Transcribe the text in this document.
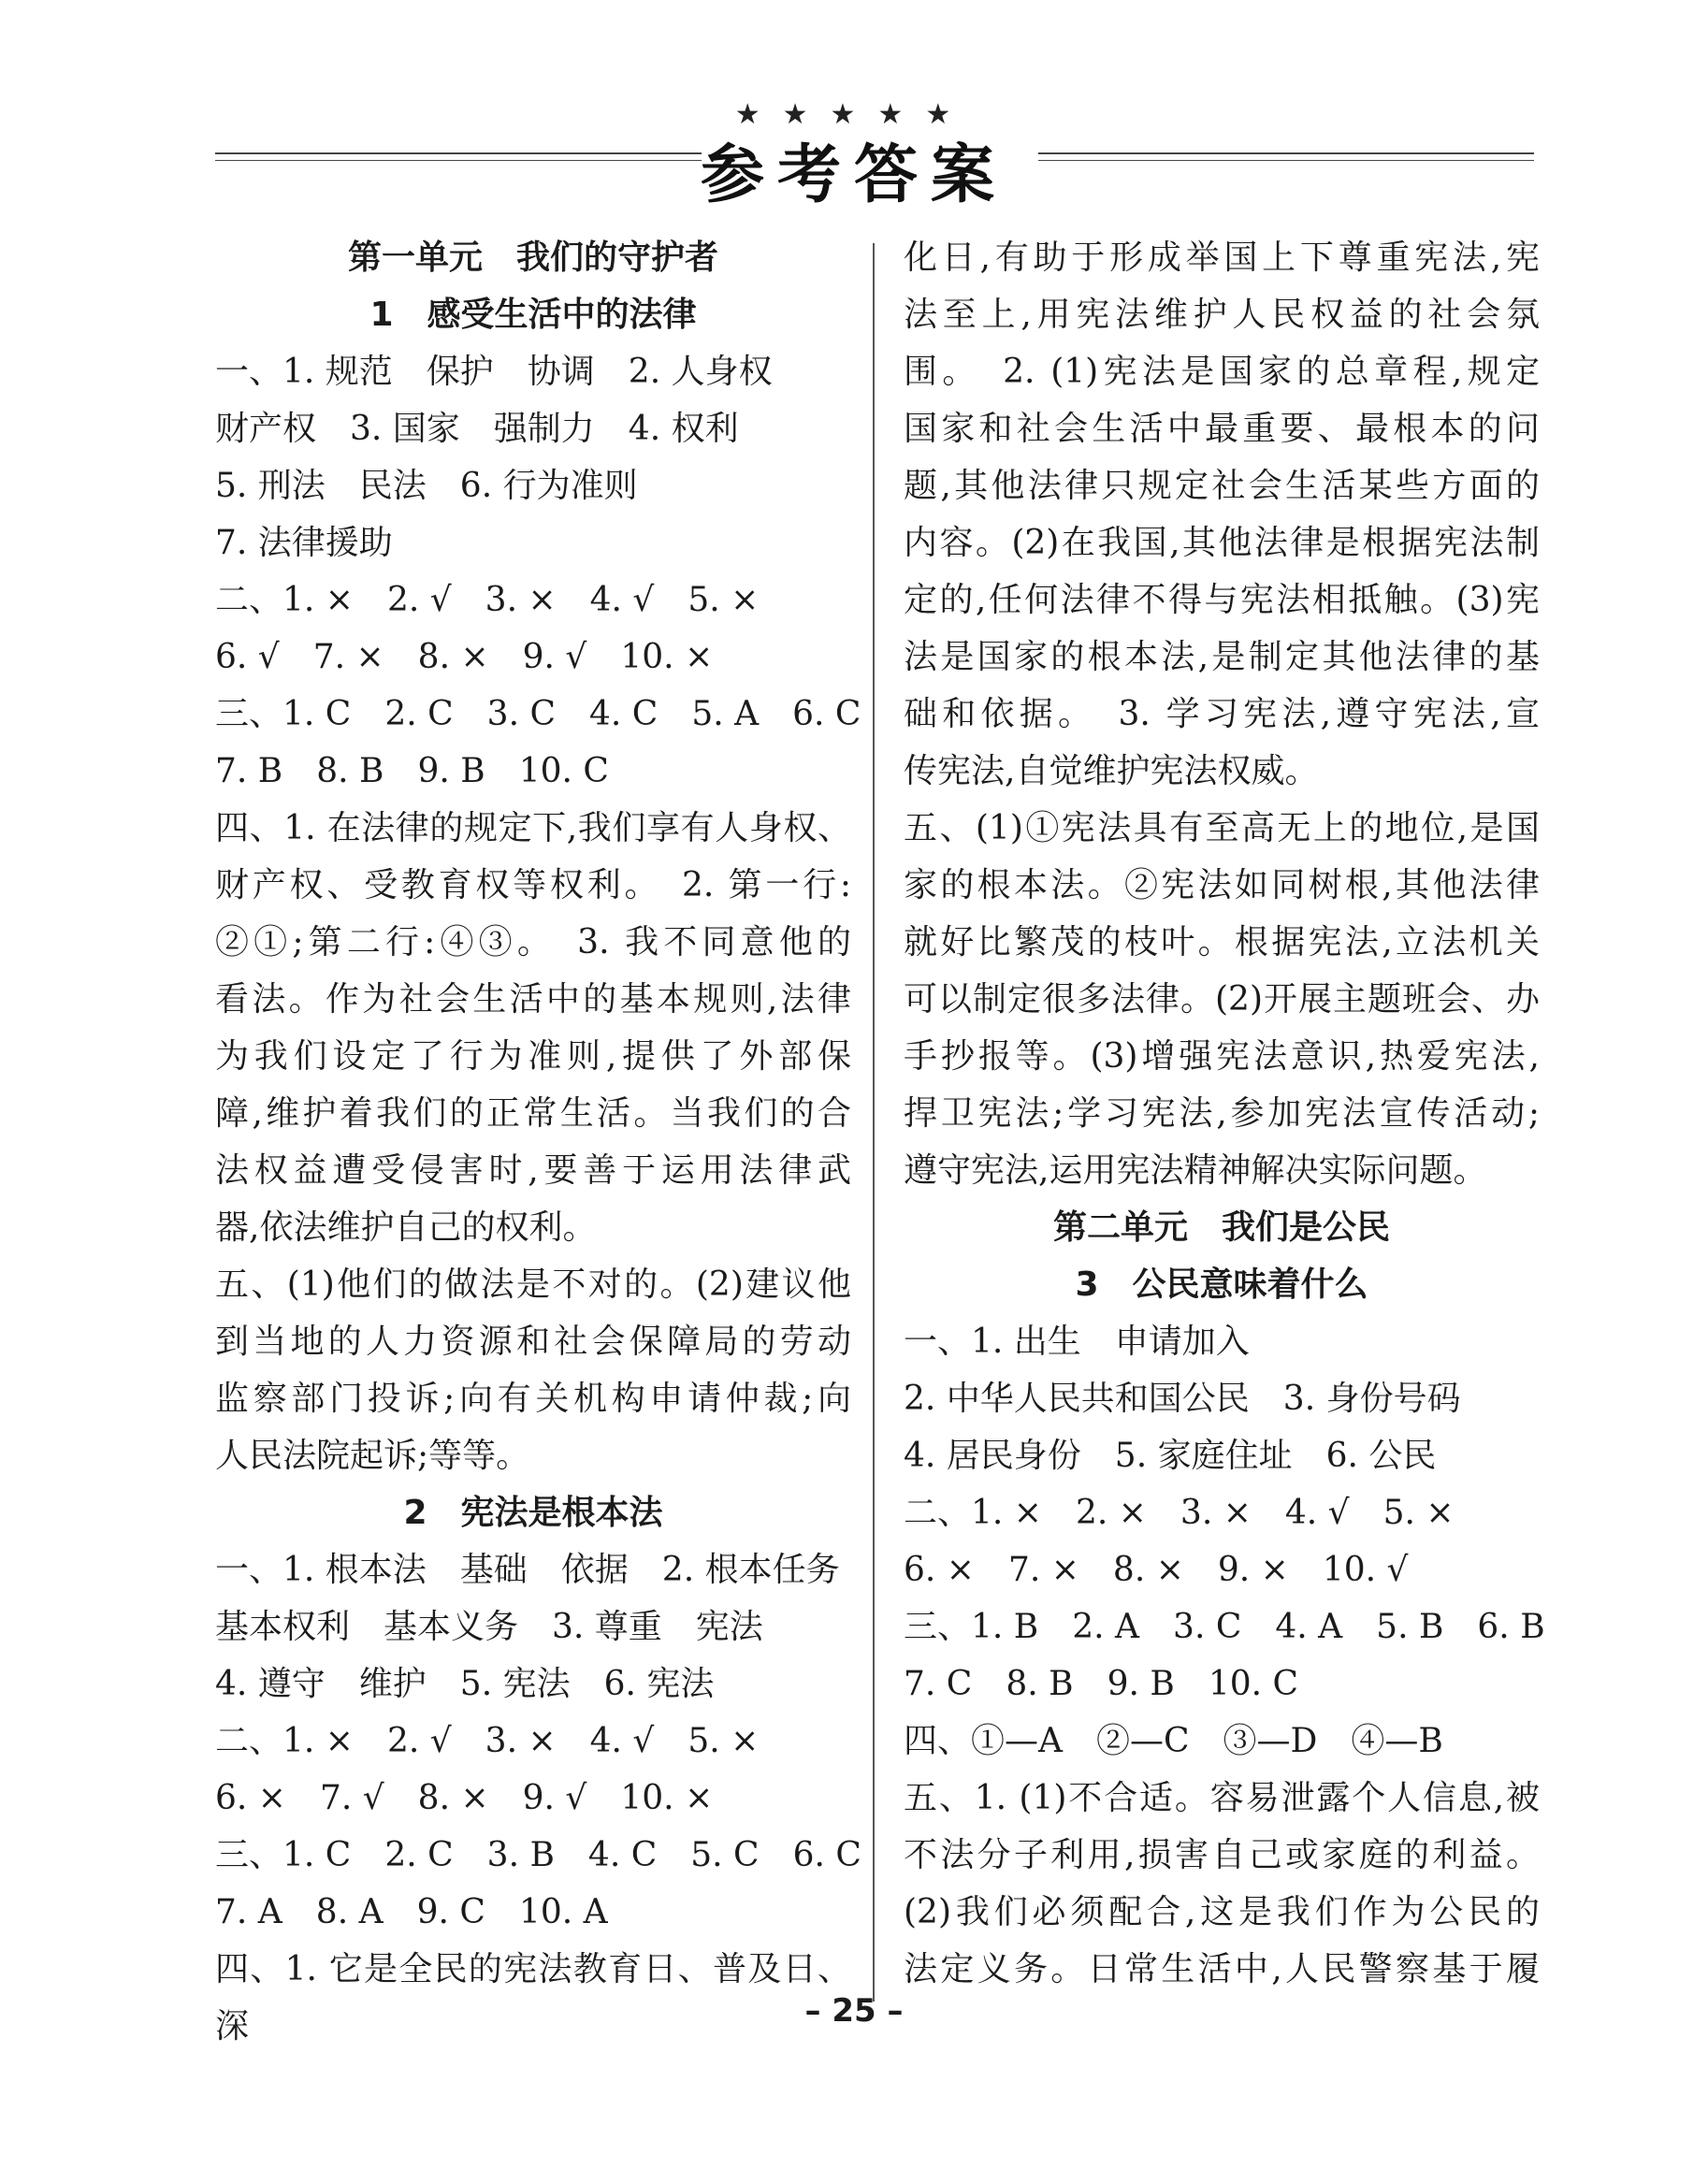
★★★★★
参考答案
第一单元　我们的守护者
1　感受生活中的法律
一、1. 规范　保护　协调　2. 人身权
财产权　3. 国家　强制力　4. 权利
5. 刑法　民法　6. 行为准则
7. 法律援助
二、1. ×　2. √　3. ×　4. √　5. ×
6. √　7. ×　8. ×　9. √　10. ×
三、1. C　2. C　3. C　4. C　5. A　6. C
7. B　8. B　9. B　10. C
四、1. 在法律的规定下,我们享有人身权、
财产权、受教育权等权利。　2. 第一行:
②①;第二行:④③。　3. 我不同意他的
看法。作为社会生活中的基本规则,法律
为我们设定了行为准则,提供了外部保
障,维护着我们的正常生活。当我们的合
法权益遭受侵害时,要善于运用法律武
器,依法维护自己的权利。
五、(1)他们的做法是不对的。(2)建议他
到当地的人力资源和社会保障局的劳动
监察部门投诉;向有关机构申请仲裁;向
人民法院起诉;等等。
2　宪法是根本法
一、1. 根本法　基础　依据　2. 根本任务
基本权利　基本义务　3. 尊重　宪法
4. 遵守　维护　5. 宪法　6. 宪法
二、1. ×　2. √　3. ×　4. √　5. ×
6. ×　7. √　8. ×　9. √　10. ×
三、1. C　2. C　3. B　4. C　5. C　6. C
7. A　8. A　9. C　10. A
四、1. 它是全民的宪法教育日、普及日、深
化日,有助于形成举国上下尊重宪法,宪
法至上,用宪法维护人民权益的社会氛
围。　2. (1)宪法是国家的总章程,规定
国家和社会生活中最重要、最根本的问
题,其他法律只规定社会生活某些方面的
内容。(2)在我国,其他法律是根据宪法制
定的,任何法律不得与宪法相抵触。(3)宪
法是国家的根本法,是制定其他法律的基
础和依据。　3. 学习宪法,遵守宪法,宣
传宪法,自觉维护宪法权威。
五、(1)①宪法具有至高无上的地位,是国
家的根本法。②宪法如同树根,其他法律
就好比繁茂的枝叶。根据宪法,立法机关
可以制定很多法律。(2)开展主题班会、办
手抄报等。(3)增强宪法意识,热爱宪法,
捍卫宪法;学习宪法,参加宪法宣传活动;
遵守宪法,运用宪法精神解决实际问题。
第二单元　我们是公民
3　公民意味着什么
一、1. 出生　申请加入
2. 中华人民共和国公民　3. 身份号码
4. 居民身份　5. 家庭住址　6. 公民
二、1. ×　2. ×　3. ×　4. √　5. ×
6. ×　7. ×　8. ×　9. ×　10. √
三、1. B　2. A　3. C　4. A　5. B　6. B
7. C　8. B　9. B　10. C
四、①—A　②—C　③—D　④—B
五、1. (1)不合适。容易泄露个人信息,被
不法分子利用,损害自己或家庭的利益。
(2)我们必须配合,这是我们作为公民的
法定义务。日常生活中,人民警察基于履
– 25 –
